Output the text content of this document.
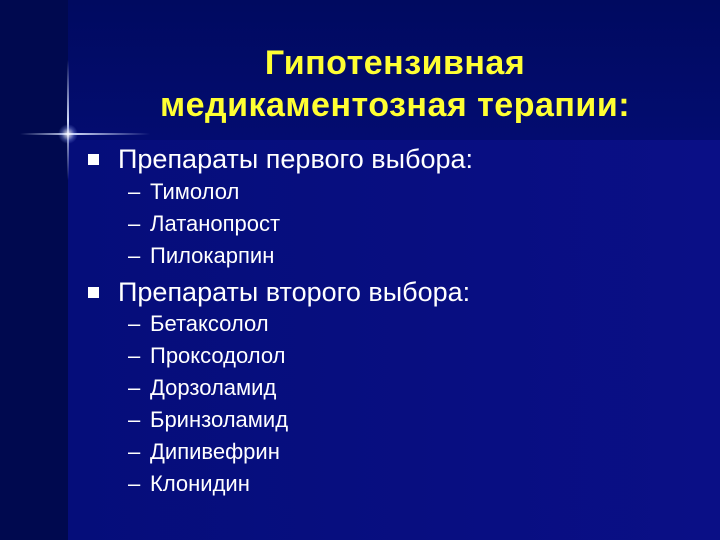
Гипотензивная
медикаментозная терапии:
Препараты первого выбора:
– Тимолол
– Латанопрост
– Пилокарпин
Препараты второго выбора:
– Бетаксолол
– Проксодолол
– Дорзоламид
– Бринзоламид
– Дипивефрин
– Клонидин
